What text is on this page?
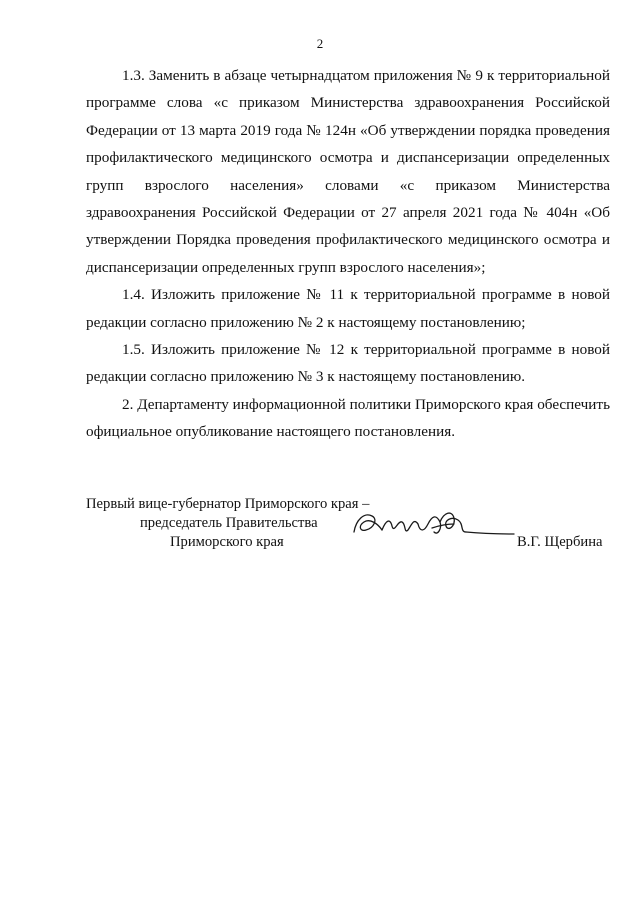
2

1.3. Заменить в абзаце четырнадцатом приложения № 9 к территориальной программе слова «с приказом Министерства здравоохранения Российской Федерации от 13 марта 2019 года № 124н «Об утверждении порядка проведения профилактического медицинского осмотра и диспансеризации определенных групп взрослого населения» словами «с приказом Министерства здравоохранения Российской Федерации от 27 апреля 2021 года № 404н «Об утверждении Порядка проведения профилактического медицинского осмотра и диспансеризации определенных групп взрослого населения»;

1.4. Изложить приложение № 11 к территориальной программе в новой редакции согласно приложению № 2 к настоящему постановлению;

1.5. Изложить приложение № 12 к территориальной программе в новой редакции согласно приложению № 3 к настоящему постановлению.

2. Департаменту информационной политики Приморского края обеспечить официальное опубликование настоящего постановления.

Первый вице-губернатор Приморского края –
председатель Правительства
Приморского края	В.Г. Щербина
